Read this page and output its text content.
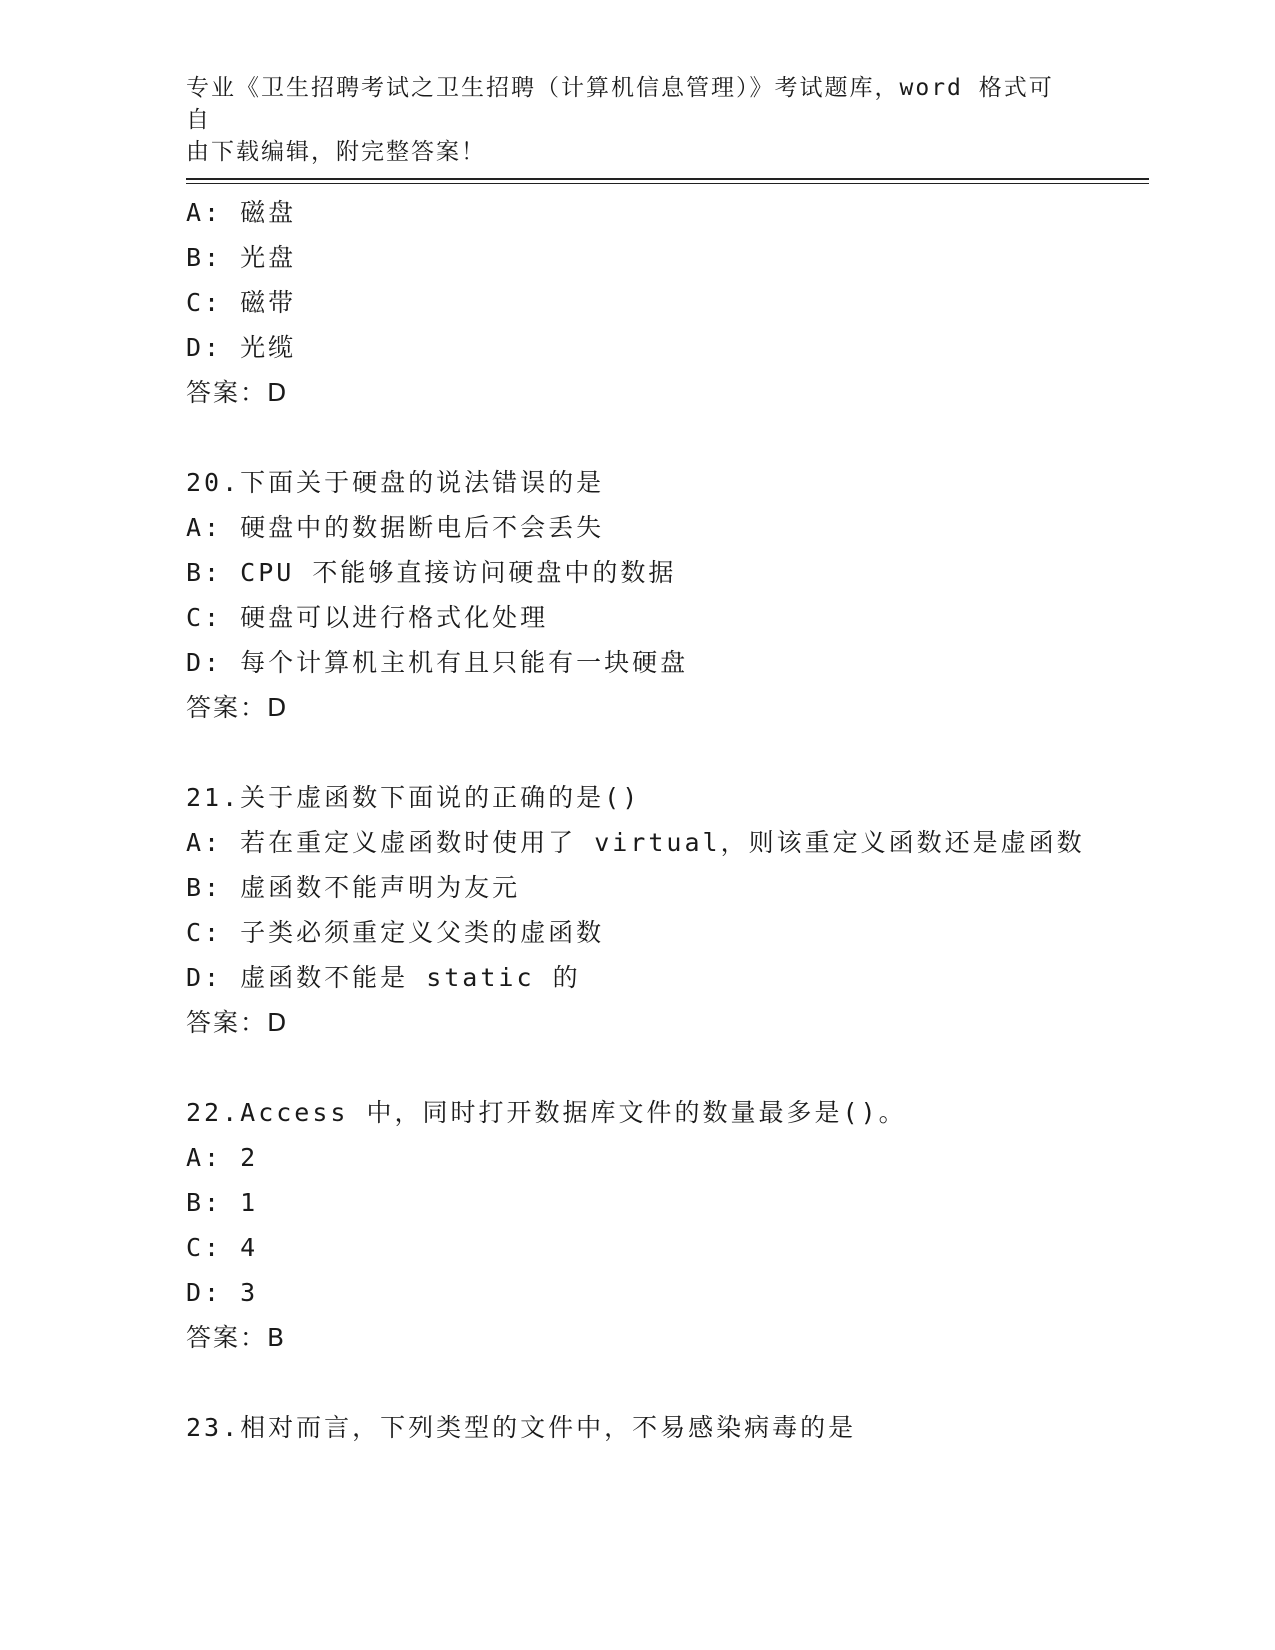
专业《卫生招聘考试之卫生招聘（计算机信息管理）》考试题库，word 格式可自
由下载编辑，附完整答案！
A: 磁盘
B: 光盘
C: 磁带
D: 光缆
答案：D
20.下面关于硬盘的说法错误的是
A: 硬盘中的数据断电后不会丢失
B: CPU 不能够直接访问硬盘中的数据
C: 硬盘可以进行格式化处理
D: 每个计算机主机有且只能有一块硬盘
答案：D
21.关于虚函数下面说的正确的是()
A: 若在重定义虚函数时使用了 virtual，则该重定义函数还是虚函数
B: 虚函数不能声明为友元
C: 子类必须重定义父类的虚函数
D: 虚函数不能是 static 的
答案：D
22.Access 中，同时打开数据库文件的数量最多是()。
A: 2
B: 1
C: 4
D: 3
答案：B
23.相对而言，下列类型的文件中，不易感染病毒的是
